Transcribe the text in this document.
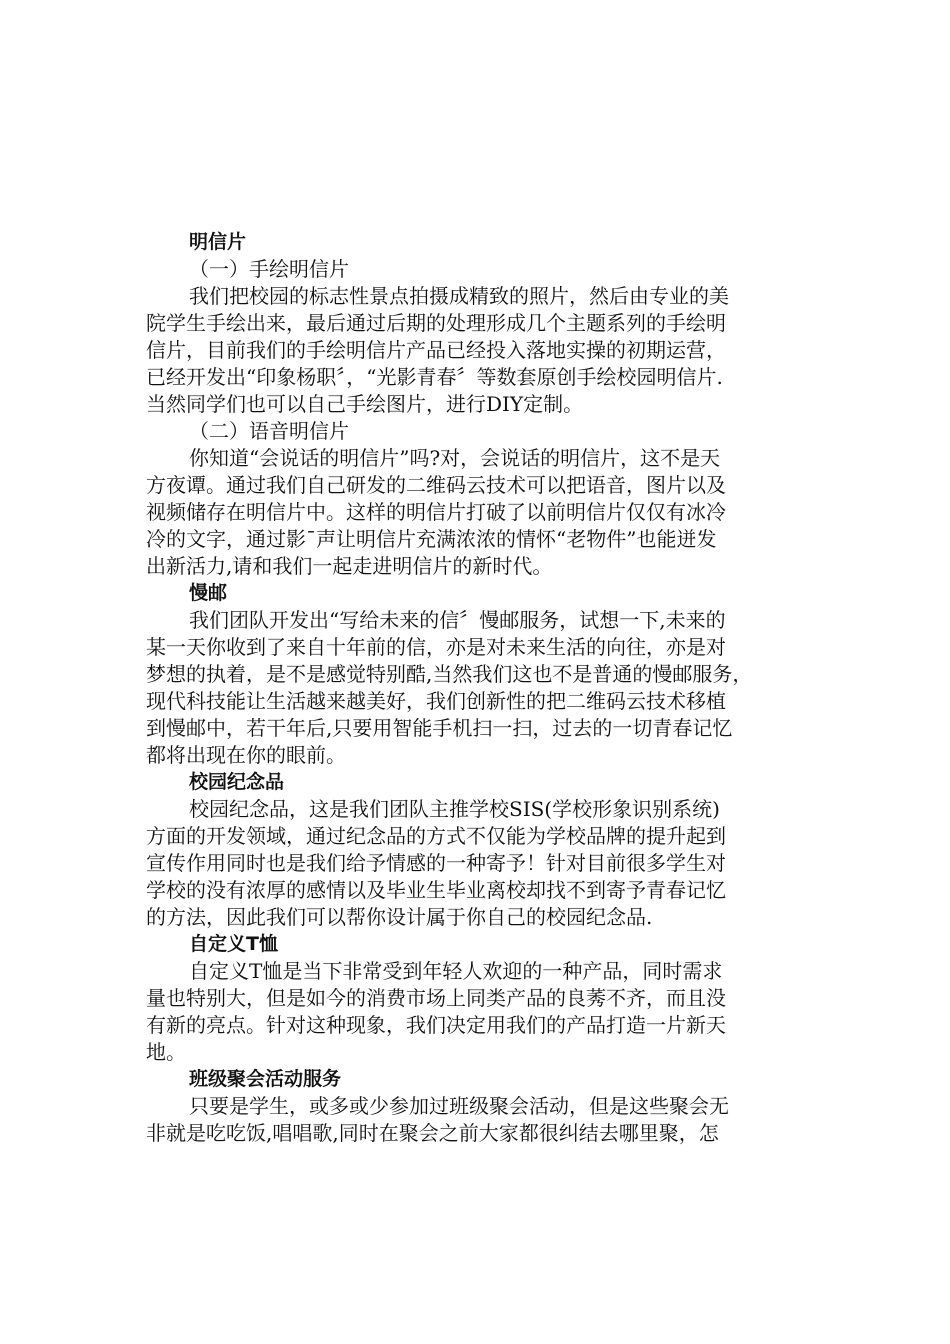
明信片
（一）手绘明信片
我们把校园的标志性景点拍摄成精致的照片，然后由专业的美
院学生手绘出来，最后通过后期的处理形成几个主题系列的手绘明
信片，目前我们的手绘明信片产品已经投入落地实操的初期运营，
已经开发出“印象杨职〞，“光影青春〞等数套原创手绘校园明信片.
当然同学们也可以自己手绘图片，进行DIY定制。
（二）语音明信片
你知道“会说话的明信片”吗?对，会说话的明信片，这不是天
方夜谭。通过我们自己研发的二维码云技术可以把语音，图片以及
视频储存在明信片中。这样的明信片打破了以前明信片仅仅有冰冷
冷的文字，通过影ˉ声让明信片充满浓浓的情怀“老物件”也能迸发
出新活力,请和我们一起走进明信片的新时代。
慢邮
我们团队开发出“写给未来的信〞慢邮服务，试想一下,未来的
某一天你收到了来自十年前的信，亦是对未来生活的向往，亦是对
梦想的执着，是不是感觉特别酷,当然我们这也不是普通的慢邮服务，
现代科技能让生活越来越美好，我们创新性的把二维码云技术移植
到慢邮中，若干年后,只要用智能手机扫一扫，过去的一切青春记忆
都将出现在你的眼前。
校园纪念品
校园纪念品，这是我们团队主推学校SIS(学校形象识别系统)
方面的开发领域，通过纪念品的方式不仅能为学校品牌的提升起到
宣传作用同时也是我们给予情感的一种寄予！针对目前很多学生对
学校的没有浓厚的感情以及毕业生毕业离校却找不到寄予青春记忆
的方法，因此我们可以帮你设计属于你自己的校园纪念品.
自定义T恤
自定义T恤是当下非常受到年轻人欢迎的一种产品，同时需求
量也特别大，但是如今的消费市场上同类产品的良莠不齐，而且没
有新的亮点。针对这种现象，我们决定用我们的产品打造一片新天
地。
班级聚会活动服务
只要是学生，或多或少参加过班级聚会活动，但是这些聚会无
非就是吃吃饭,唱唱歌,同时在聚会之前大家都很纠结去哪里聚，怎
